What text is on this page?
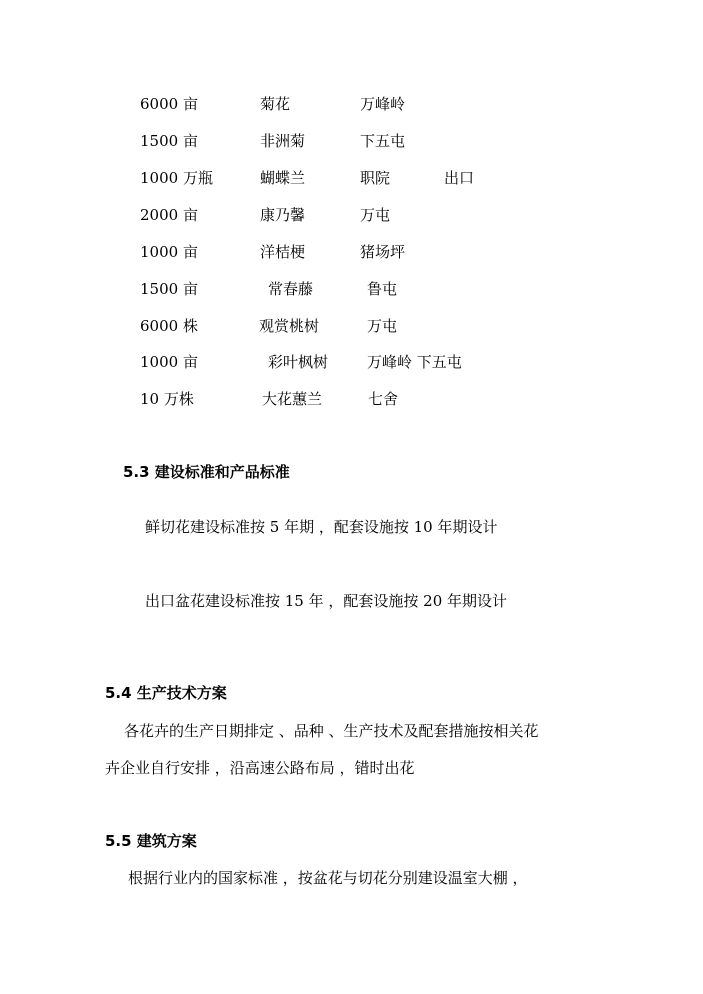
6000 亩	菊花	万峰岭
1500 亩	非洲菊	下五屯
1000 万瓶	蝴蝶兰	职院	出口
2000 亩	康乃馨	万屯
1000 亩	洋桔梗	猪场坪
1500 亩	常春藤	鲁屯
6000 株	观赏桃树	万屯
1000 亩	彩叶枫树	万峰岭 下五屯
10 万株	大花蕙兰	七舍
5.3 建设标准和产品标准
鲜切花建设标准按 5 年期 ，配套设施按 10 年期设计
出口盆花建设标准按 15 年 ，配套设施按 20 年期设计
5.4 生产技术方案
各花卉的生产日期排定 、品种 、生产技术及配套措施按相关花
卉企业自行安排 ，沿高速公路布局 ，错时出花
5.5 建筑方案
根据行业内的国家标准 ，按盆花与切花分别建设温室大棚 ，
